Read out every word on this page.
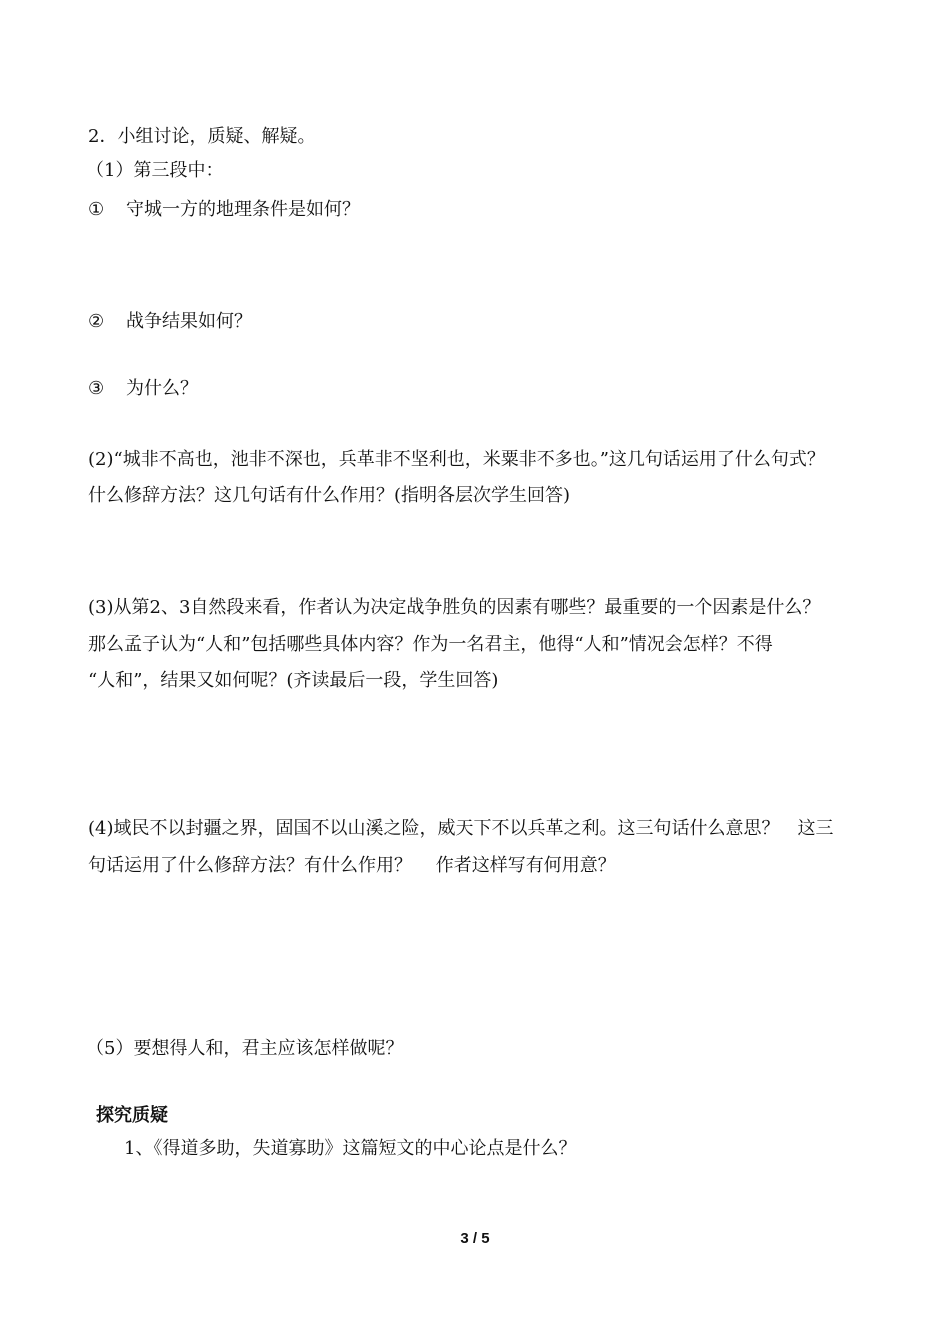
2．小组讨论，质疑、解疑。
（1）第三段中：
① 守城一方的地理条件是如何？
② 战争结果如何？
③ 为什么？
(2)“城非不高也，池非不深也，兵革非不坚利也，米粟非不多也。”这几句话运用了什么句式？
什么修辞方法？这几句话有什么作用？(指明各层次学生回答)
(3)从第2、3自然段来看，作者认为决定战争胜负的因素有哪些？最重要的一个因素是什么？
那么孟子认为“人和”包括哪些具体内容？作为一名君主，他得“人和”情况会怎样？不得
“人和”，结果又如何呢？(齐读最后一段，学生回答)
(4)域民不以封疆之界，固国不以山溪之险，威天下不以兵革之利。这三句话什么意思？　这三
句话运用了什么修辞方法？有什么作用？　 作者这样写有何用意？
（5）要想得人和，君主应该怎样做呢？
探究质疑
1、《得道多助，失道寡助》这篇短文的中心论点是什么？
3 / 5
